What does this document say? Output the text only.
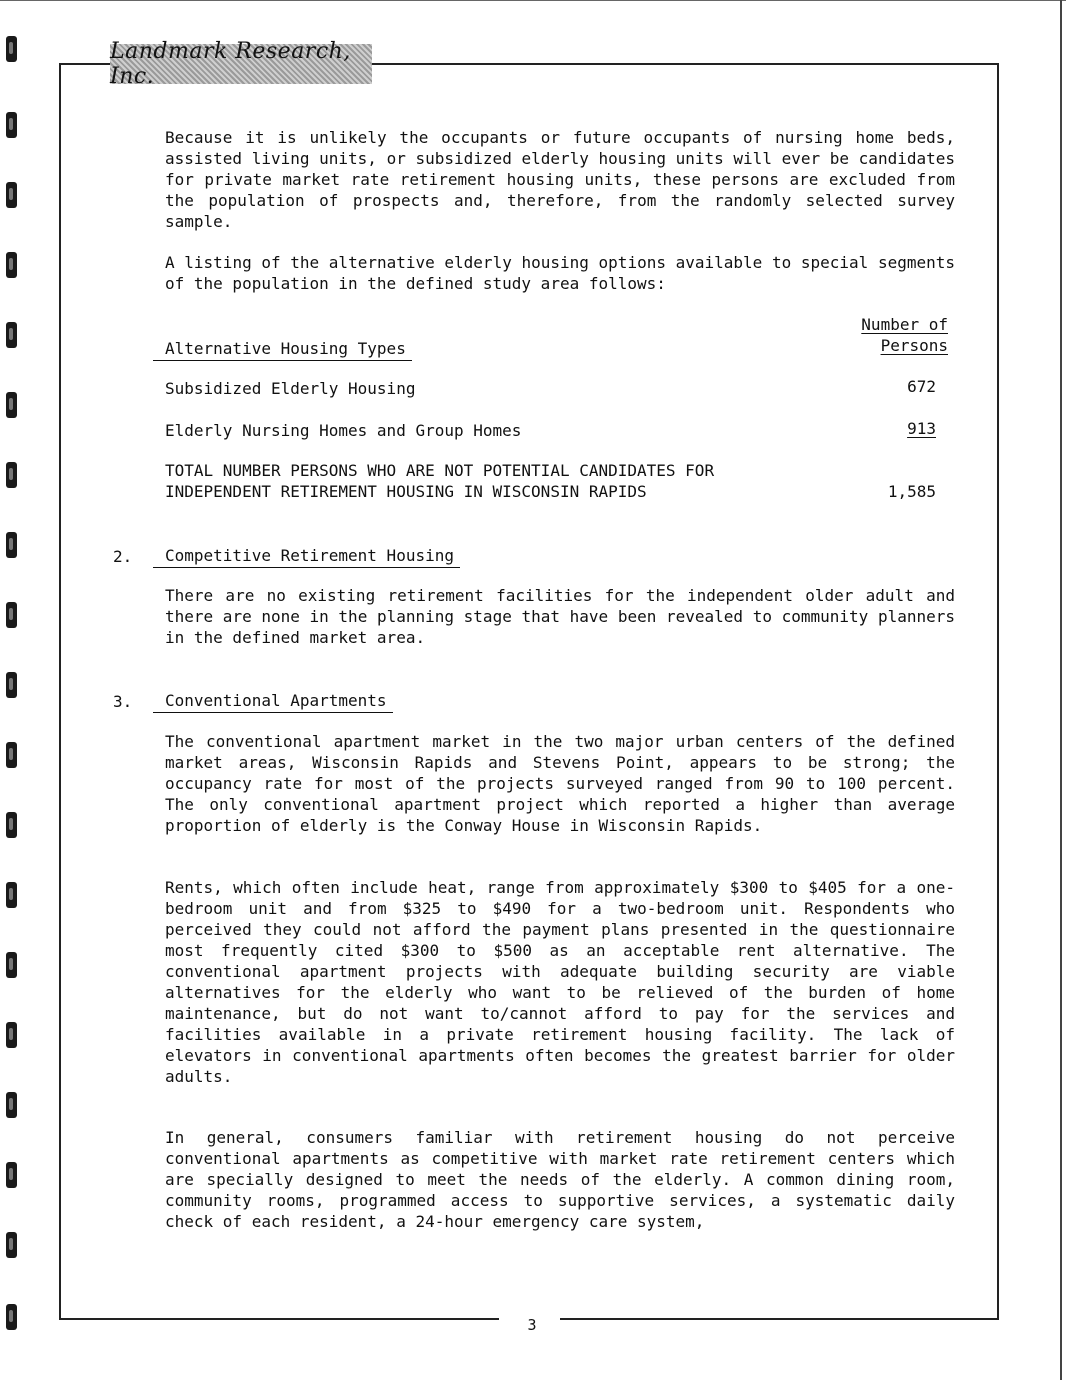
Landmark Research, Inc.

Because it is unlikely the occupants or future occupants of nursing home beds, assisted living units, or subsidized elderly housing units will ever be candidates for private market rate retirement housing units, these persons are excluded from the population of prospects and, therefore, from the randomly selected survey sample.

A listing of the alternative elderly housing options available to special segments of the population in the defined study area follows:

Number of
Persons
Alternative Housing Types
Subsidized Elderly Housing	672
Elderly Nursing Homes and Group Homes	913
TOTAL NUMBER PERSONS WHO ARE NOT POTENTIAL CANDIDATES FOR
INDEPENDENT RETIREMENT HOUSING IN WISCONSIN RAPIDS	1,585
2.	Competitive Retirement Housing

There are no existing retirement facilities for the independent older adult and there are none in the planning stage that have been revealed to community planners in the defined market area.

3.	Conventional Apartments

The conventional apartment market in the two major urban centers of the defined market areas, Wisconsin Rapids and Stevens Point, appears to be strong; the occupancy rate for most of the projects surveyed ranged from 90 to 100 percent. The only conventional apartment project which reported a higher than average proportion of elderly is the Conway House in Wisconsin Rapids.

Rents, which often include heat, range from approximately $300 to $405 for a one-bedroom unit and from $325 to $490 for a two-bedroom unit. Respondents who perceived they could not afford the payment plans presented in the questionnaire most frequently cited $300 to $500 as an acceptable rent alternative. The conventional apartment projects with adequate building security are viable alternatives for the elderly who want to be relieved of the burden of home maintenance, but do not want to/cannot afford to pay for the services and facilities available in a private retirement housing facility. The lack of elevators in conventional apartments often becomes the greatest barrier for older adults.

In general, consumers familiar with retirement housing do not perceive conventional apartments as competitive with market rate retirement centers which are specially designed to meet the needs of the elderly. A common dining room, community rooms, programmed access to supportive services, a systematic daily check of each resident, a 24-hour emergency care system,

3
